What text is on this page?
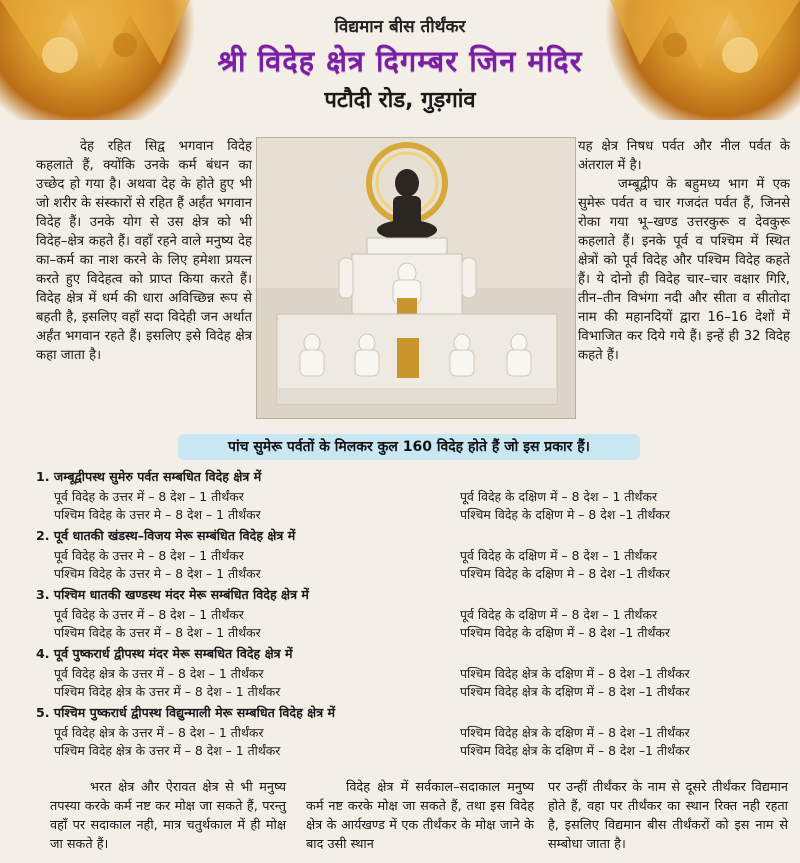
विद्यमान बीस तीर्थंकर

श्री विदेह क्षेत्र दिगम्बर जिन मंदिर

पटौदी रोड, गुड़गांव

देह रहित सिद्व भगवान विदेह कहलाते हैं, क्योंकि उनके कर्म बंधन का उच्छेद हो गया है। अथवा देह के होते हुए भी जो शरीर के संस्कारों से रहित हैं अर्हंत भगवान विदेह हैं। उनके योग से उस क्षेत्र को भी विदेह–क्षेत्र कहते हैं। वहाँ रहने वाले मनुष्य देह का–कर्म का नाश करने के लिए हमेशा प्रयत्न करते हुए विदेहत्व को प्राप्त किया करते हैं। विदेह क्षेत्र में धर्म की धारा अविच्छिन्न रूप से बहती है, इसलिए वहाँ सदा विदेही जन अर्थात अर्हंत भगवान रहते हैं। इसलिए इसे विदेह क्षेत्र कहा जाता है।

यह क्षेत्र निषध पर्वत और नील पर्वत के अंतराल में है।
जम्बूद्वीप के बहुमध्य भाग में एक सुमेरू पर्वत व चार गजदंत पर्वत हैं, जिनसे रोका गया भू–खण्ड उत्तरकुरू व देवकुरू कहलाते हैं। इनके पूर्व व पश्चिम में स्थित क्षेत्रों को पूर्व विदेह और पश्चिम विदेह कहते हैं। ये दोनो ही विदेह चार–चार वक्षार गिरि, तीन–तीन विभंगा नदी और सीता व सीतोदा नाम की महानदियों द्वारा 16–16 देशों में विभाजित कर दिये गये हैं। इन्हें ही 32 विदेह कहते हैं।
पांच सुमेरू पर्वतों के मिलकर कुल 160 विदेह होते हैं जो इस प्रकार हैं।
1. जम्बूद्वीपस्थ सुमेरु पर्वत सम्बधित विदेह क्षेत्र में
पूर्व विदेह के उत्तर में – 8 देश – 1 तीर्थंकर
पश्चिम विदेह के उत्तर मे – 8 देश – 1 तीर्थंकर
पूर्व विदेह के दक्षिण में – 8 देश – 1 तीर्थंकर
पश्चिम विदेह के दक्षिण मे – 8 देश –1 तीर्थंकर
2. पूर्व धातकी खंडस्थ–विजय मेरू सम्बंधित विदेह क्षेत्र में
पूर्व विदेह के उत्तर मे – 8 देश – 1 तीर्थंकर
पश्चिम विदेह के उत्तर मे – 8 देश – 1 तीर्थंकर
पूर्व विदेह के दक्षिण में – 8 देश – 1 तीर्थंकर
पश्चिम विदेह के दक्षिण मे – 8 देश –1 तीर्थंकर
3. पश्चिम धातकी खण्डस्थ मंदर मेरू सम्बंधित विदेह क्षेत्र में
पूर्व विदेह के उत्तर में – 8 देश – 1 तीर्थंकर
पश्चिम विदेह के उत्तर में – 8 देश – 1 तीर्थंकर
पूर्व विदेह के दक्षिण में – 8 देश – 1 तीर्थंकर
पश्चिम विदेह के दक्षिण में – 8 देश –1 तीर्थंकर
4. पूर्व पुष्करार्ध द्वीपस्थ मंदर मेरू सम्बधित विदेह क्षेत्र में
पूर्व विदेह क्षेत्र के उत्तर में – 8 देश – 1 तीर्थंकर
पश्चिम विदेह क्षेत्र के उत्तर में – 8 देश – 1 तीर्थंकर
पश्चिम विदेह क्षेत्र के दक्षिण में – 8 देश –1 तीर्थंकर
पश्चिम विदेह क्षेत्र के दक्षिण में – 8 देश –1 तीर्थंकर
5. पश्चिम पुष्करार्ध द्वीपस्थ विद्युन्माली मेरू सम्बधित विदेह क्षेत्र में
पूर्व विदेह क्षेत्र के उत्तर में – 8 देश – 1 तीर्थंकर
पश्चिम विदेह क्षेत्र के उत्तर में – 8 देश – 1 तीर्थंकर
पश्चिम विदेह क्षेत्र के दक्षिण में – 8 देश –1 तीर्थंकर
पश्चिम विदेह क्षेत्र के दक्षिण में – 8 देश –1 तीर्थंकर

भरत क्षेत्र और ऐरावत क्षेत्र से भी मनुष्य तपस्या करके कर्म नष्ट कर मोक्ष जा सकते हैं, परन्तु वहाँ पर सदाकाल नही, मात्र चतुर्थकाल में ही मोक्ष जा सकते हैं।

विदेह क्षेत्र में सर्वकाल–सदाकाल मनुष्य कर्म नष्ट करके मोक्ष जा सकते हैं, तथा इस विदेह क्षेत्र के आर्यखण्ड में एक तीर्थंकर के मोक्ष जाने के बाद उसी स्थान

पर उन्हीं तीर्थंकर के नाम से दूसरे तीर्थंकर विद्यमान होते हैं, वहा पर तीर्थंकर का स्थान रिक्त नही रहता है, इसलिए विद्यमान बीस तीर्थंकरों को इस नाम से सम्बोधा जाता है।
